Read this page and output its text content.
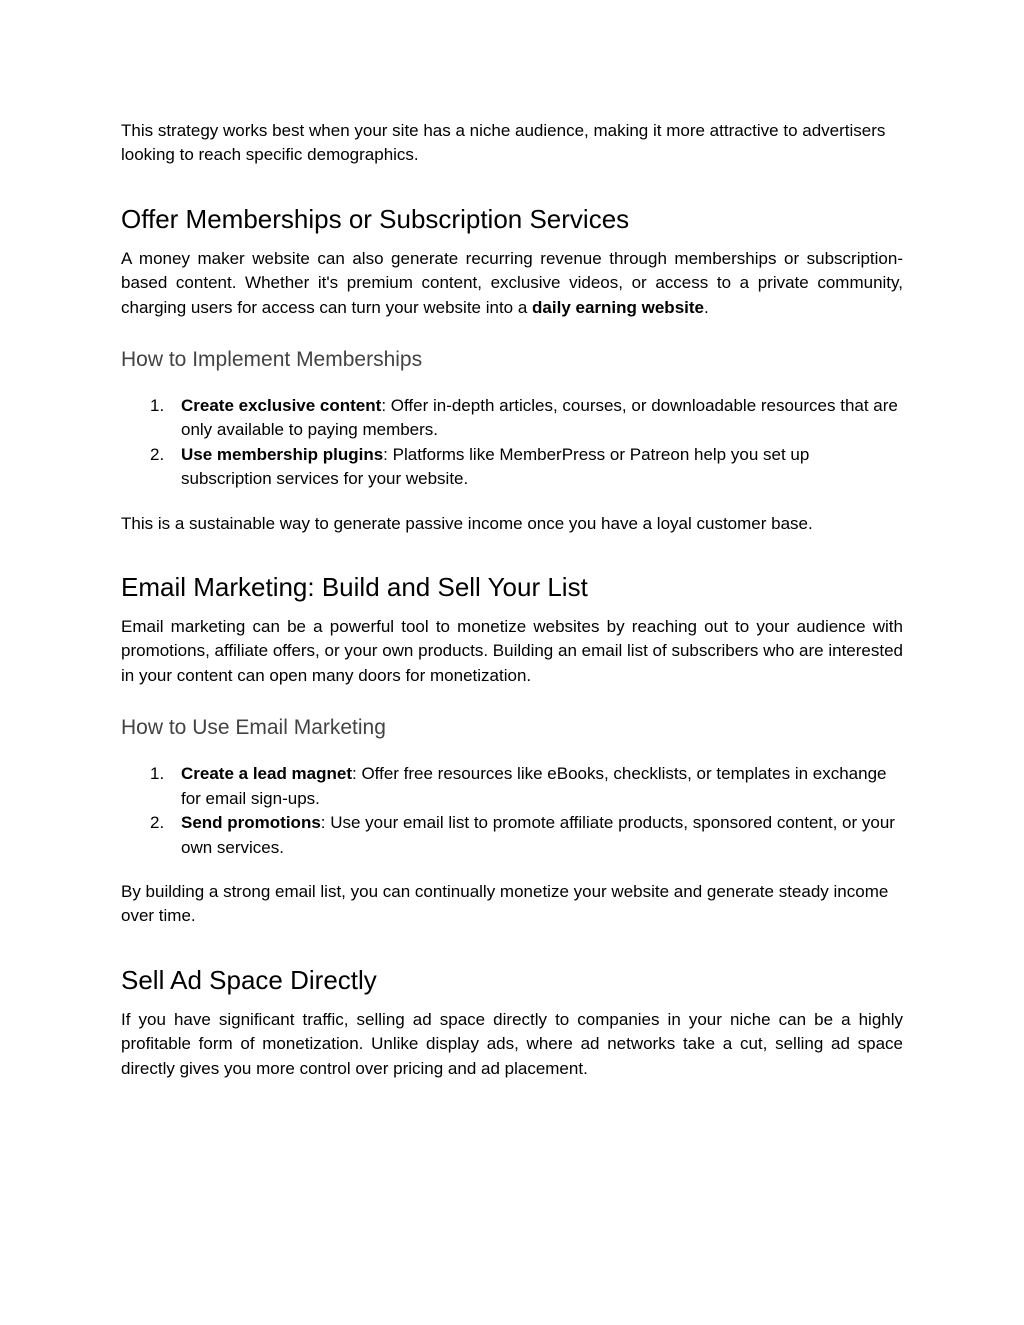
This strategy works best when your site has a niche audience, making it more attractive to advertisers looking to reach specific demographics.

Offer Memberships or Subscription Services

A money maker website can also generate recurring revenue through memberships or subscription-based content. Whether it's premium content, exclusive videos, or access to a private community, charging users for access can turn your website into a daily earning website.

How to Implement Memberships
1. Create exclusive content: Offer in-depth articles, courses, or downloadable resources that are only available to paying members.
2. Use membership plugins: Platforms like MemberPress or Patreon help you set up subscription services for your website.

This is a sustainable way to generate passive income once you have a loyal customer base.

Email Marketing: Build and Sell Your List

Email marketing can be a powerful tool to monetize websites by reaching out to your audience with promotions, affiliate offers, or your own products. Building an email list of subscribers who are interested in your content can open many doors for monetization.

How to Use Email Marketing
1. Create a lead magnet: Offer free resources like eBooks, checklists, or templates in exchange for email sign-ups.
2. Send promotions: Use your email list to promote affiliate products, sponsored content, or your own services.

By building a strong email list, you can continually monetize your website and generate steady income over time.

Sell Ad Space Directly

If you have significant traffic, selling ad space directly to companies in your niche can be a highly profitable form of monetization. Unlike display ads, where ad networks take a cut, selling ad space directly gives you more control over pricing and ad placement.
